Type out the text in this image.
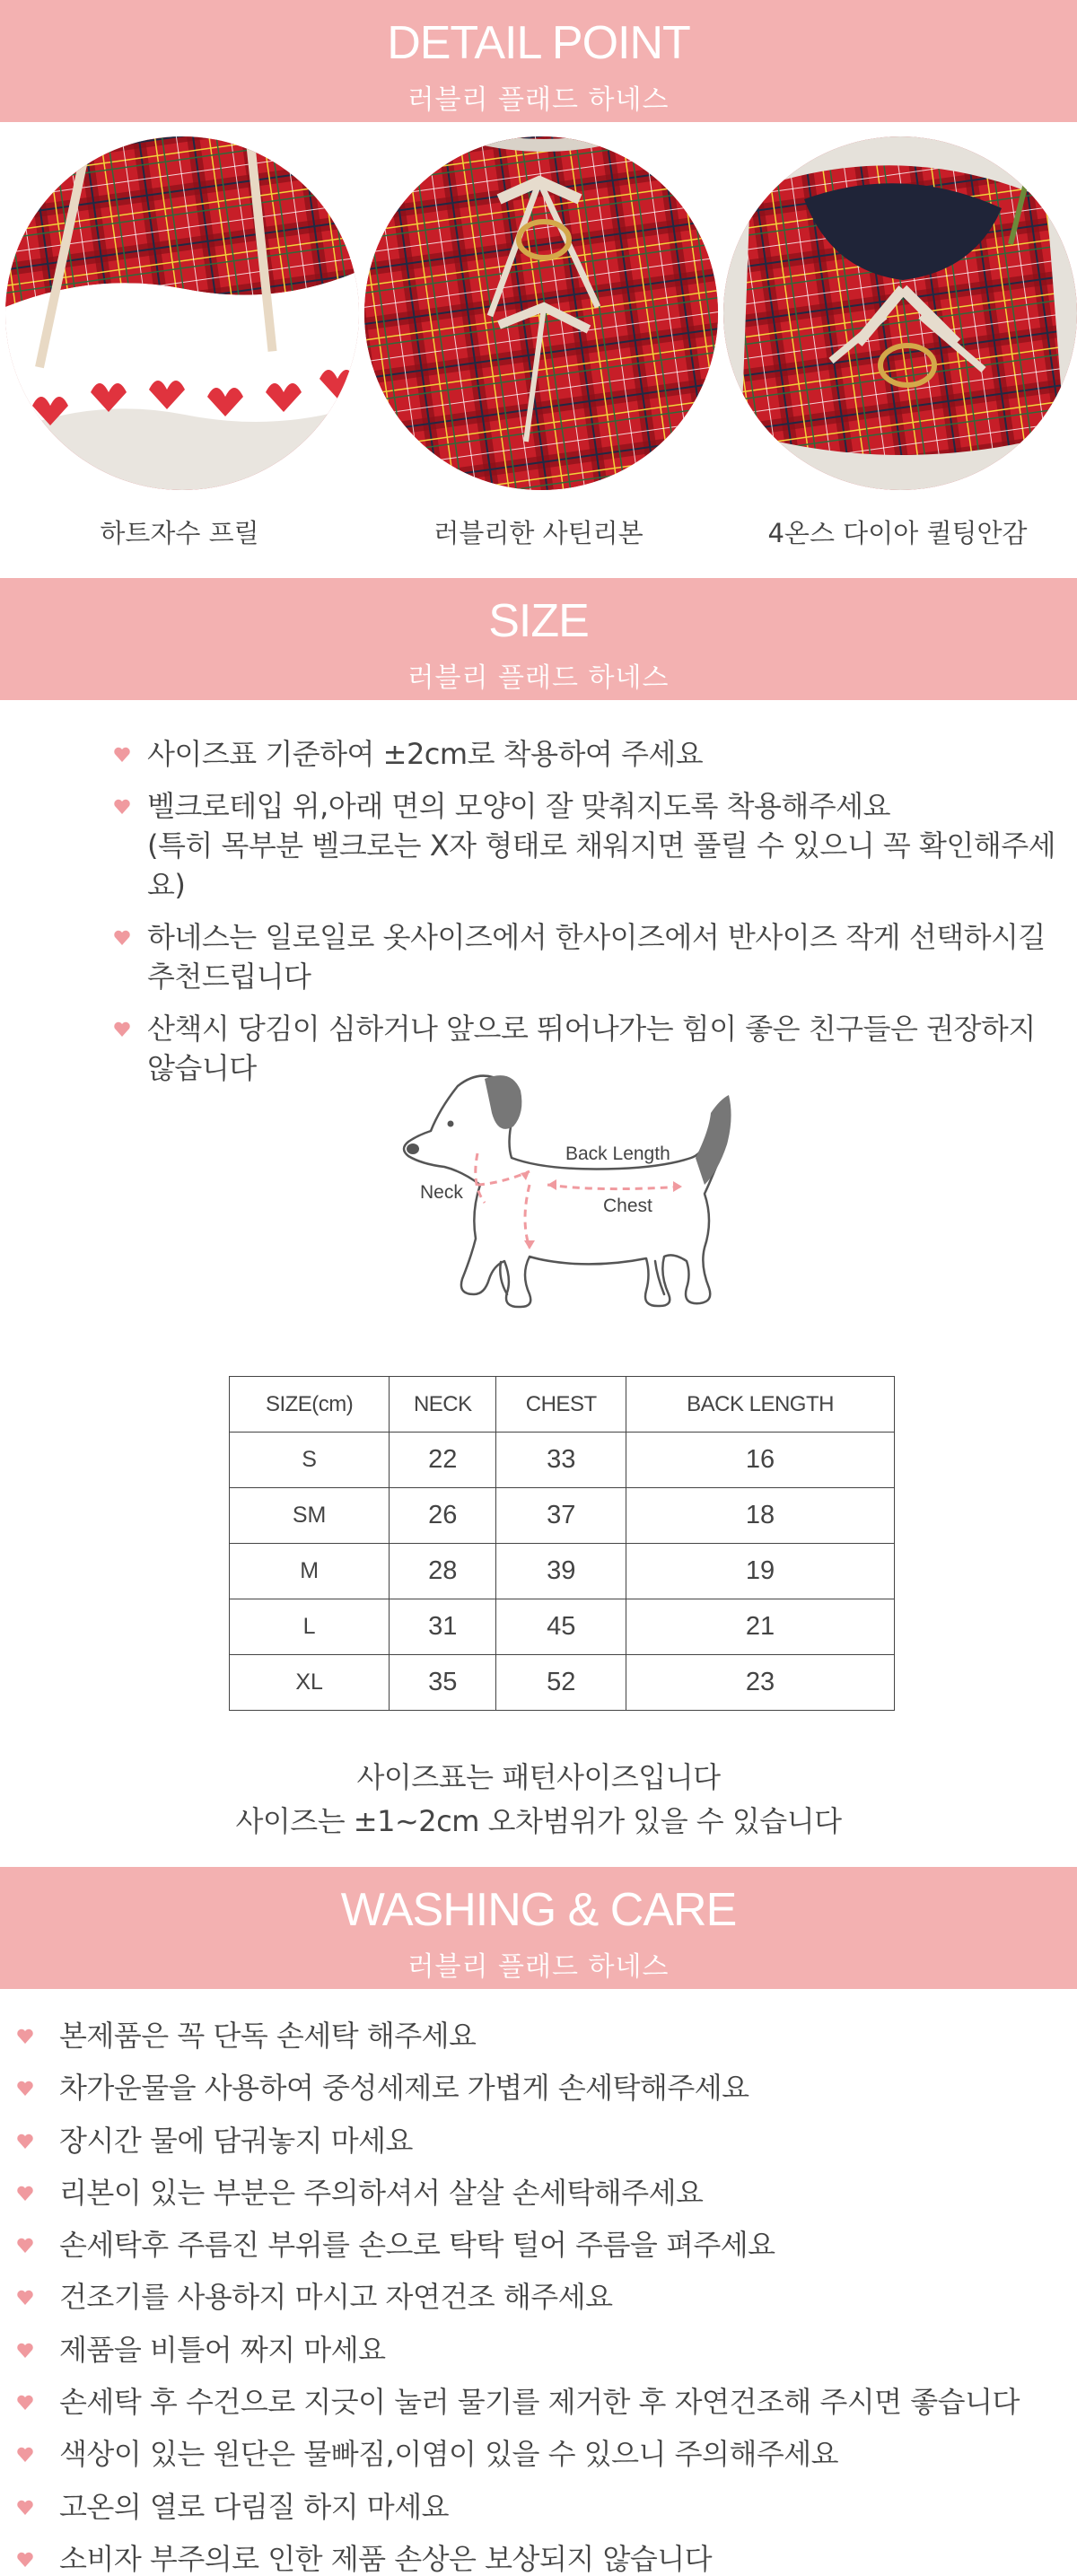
DETAIL POINT
러블리 플래드 하네스
하트자수 프릴	러블리한 사틴리본	4온스 다이아 퀼팅안감
SIZE
러블리 플래드 하네스
사이즈표 기준하여 ±2cm로 착용하여 주세요
벨크로테입 위,아래 면의 모양이 잘 맞춰지도록 착용해주세요
(특히 목부분 벨크로는 X자 형태로 채워지면 풀릴 수 있으니 꼭 확인해주세요)
하네스는 일로일로 옷사이즈에서 한사이즈에서 반사이즈 작게 선택하시길
추천드립니다
산책시 당김이 심하거나 앞으로 뛰어나가는 힘이 좋은 친구들은 권장하지 않습니다
Back Length
Neck
Chest
SIZE(cm)	NECK	CHEST	BACK LENGTH
S	22	33	16
SM	26	37	18
M	28	39	19
L	31	45	21
XL	35	52	23
사이즈표는 패턴사이즈입니다
사이즈는 ±1~2cm 오차범위가 있을 수 있습니다
WASHING & CARE
러블리 플래드 하네스
본제품은 꼭 단독 손세탁 해주세요
차가운물을 사용하여 중성세제로 가볍게 손세탁해주세요
장시간 물에 담궈놓지 마세요
리본이 있는 부분은 주의하셔서 살살 손세탁해주세요
손세탁후 주름진 부위를 손으로 탁탁 털어 주름을 펴주세요
건조기를 사용하지 마시고 자연건조 해주세요
제품을 비틀어 짜지 마세요
손세탁 후 수건으로 지긋이 눌러 물기를 제거한 후 자연건조해 주시면 좋습니다
색상이 있는 원단은 물빠짐,이염이 있을 수 있으니 주의해주세요
고온의 열로 다림질 하지 마세요
소비자 부주의로 인한 제품 손상은 보상되지 않습니다
